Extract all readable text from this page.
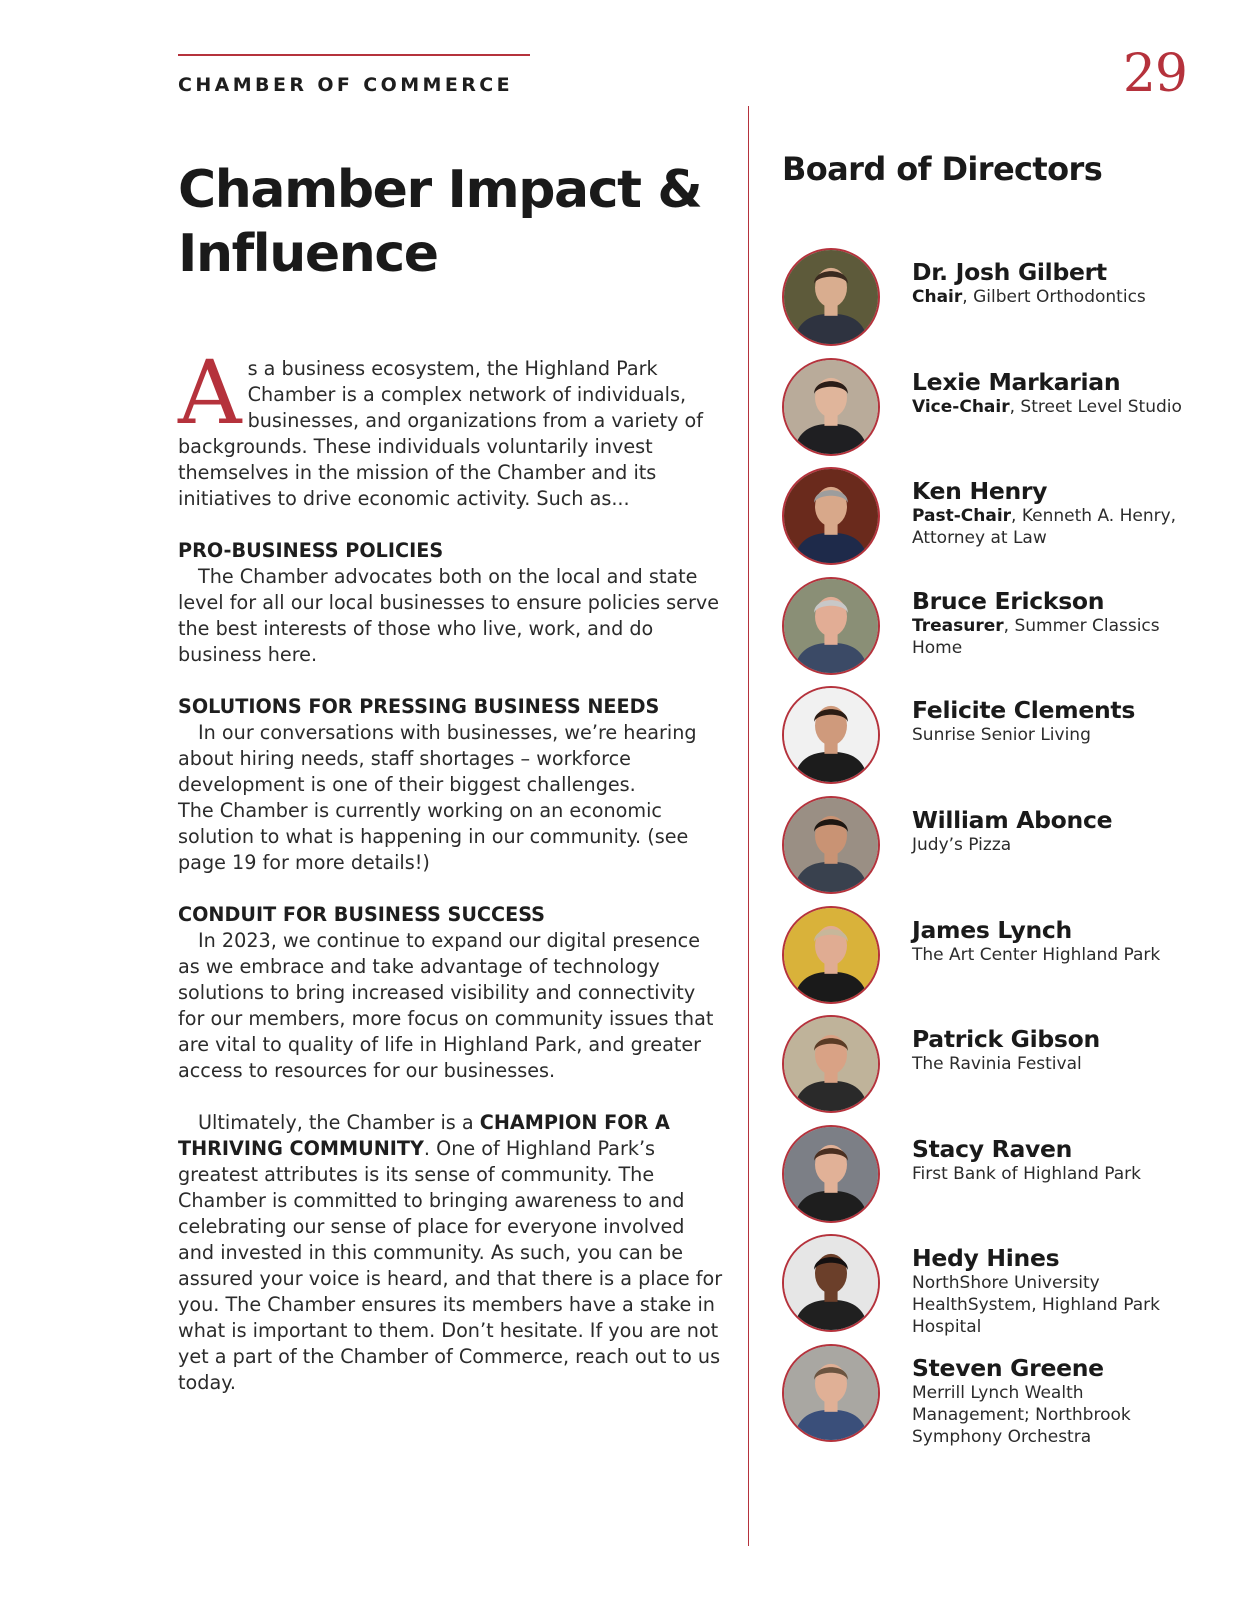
CHAMBER OF COMMERCE	29
Chamber Impact &
Influence

As a business ecosystem, the Highland Park Chamber is a complex network of individuals, businesses, and organizations from a variety of backgrounds. These individuals voluntarily invest themselves in the mission of the Chamber and its initiatives to drive economic activity. Such as...

PRO-BUSINESS POLICIES

The Chamber advocates both on the local and state level for all our local businesses to ensure policies serve the best interests of those who live, work, and do business here.

SOLUTIONS FOR PRESSING BUSINESS NEEDS

In our conversations with businesses, we’re hearing about hiring needs, staff shortages – workforce development is one of their biggest challenges.

The Chamber is currently working on an economic solution to what is happening in our community. (see page 19 for more details!)

CONDUIT FOR BUSINESS SUCCESS

In 2023, we continue to expand our digital presence as we embrace and take advantage of technology solutions to bring increased visibility and connectivity for our members, more focus on community issues that are vital to quality of life in Highland Park, and greater access to resources for our businesses.

Ultimately, the Chamber is a CHAMPION FOR A THRIVING COMMUNITY. One of Highland Park’s greatest attributes is its sense of community. The Chamber is committed to bringing awareness to and celebrating our sense of place for everyone involved and invested in this community. As such, you can be assured your voice is heard, and that there is a place for you. The Chamber ensures its members have a stake in what is important to them. Don’t hesitate. If you are not yet a part of the Chamber of Commerce, reach out to us today.

Board of Directors
Dr. Josh Gilbert
Chair, Gilbert Orthodontics
Lexie Markarian
Vice-Chair, Street Level Studio
Ken Henry
Past-Chair, Kenneth A. Henry, Attorney at Law
Bruce Erickson
Treasurer, Summer Classics Home
Felicite Clements
Sunrise Senior Living
William Abonce
Judy’s Pizza
James Lynch
The Art Center Highland Park
Patrick Gibson
The Ravinia Festival
Stacy Raven
First Bank of Highland Park
Hedy Hines
NorthShore University HealthSystem, Highland Park Hospital
Steven Greene
Merrill Lynch Wealth Management; Northbrook Symphony Orchestra
